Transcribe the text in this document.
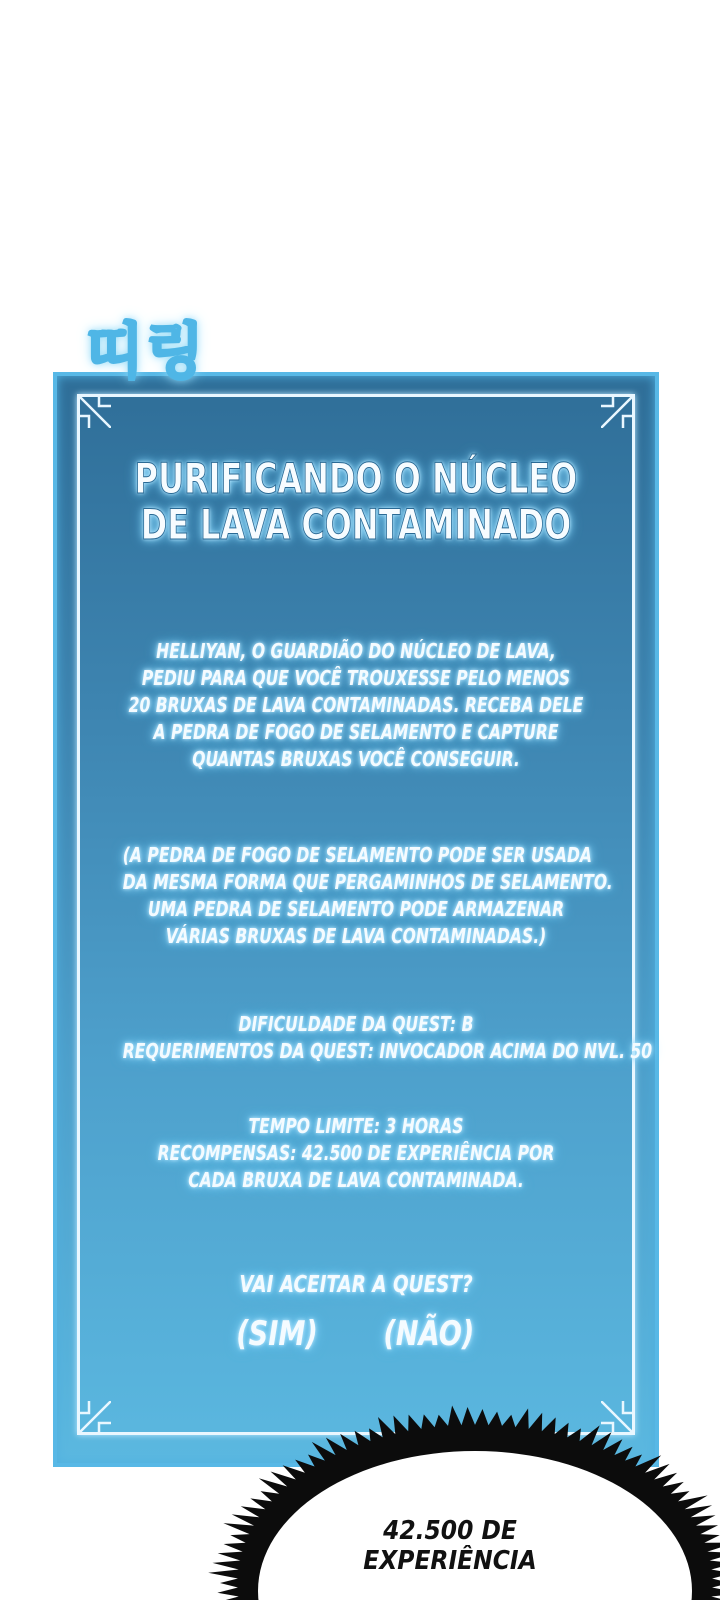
띠링
PURIFICANDO O NÚCLEO
DE LAVA CONTAMINADO
HELLIYAN, O GUARDIÃO DO NÚCLEO DE LAVA,
PEDIU PARA QUE VOCÊ TROUXESSE PELO MENOS
20 BRUXAS DE LAVA CONTAMINADAS. RECEBA DELE
A PEDRA DE FOGO DE SELAMENTO E CAPTURE
QUANTAS BRUXAS VOCÊ CONSEGUIR.
(A PEDRA DE FOGO DE SELAMENTO PODE SER USADA
DA MESMA FORMA QUE PERGAMINHOS DE SELAMENTO.
UMA PEDRA DE SELAMENTO PODE ARMAZENAR
VÁRIAS BRUXAS DE LAVA CONTAMINADAS.)
DIFICULDADE DA QUEST: B
REQUERIMENTOS DA QUEST: INVOCADOR ACIMA DO NVL. 50
TEMPO LIMITE: 3 HORAS
RECOMPENSAS: 42.500 DE EXPERIÊNCIA POR
CADA BRUXA DE LAVA CONTAMINADA.
VAI ACEITAR A QUEST?
(SIM) (NÃO)
42.500 DE
EXPERIÊNCIA
